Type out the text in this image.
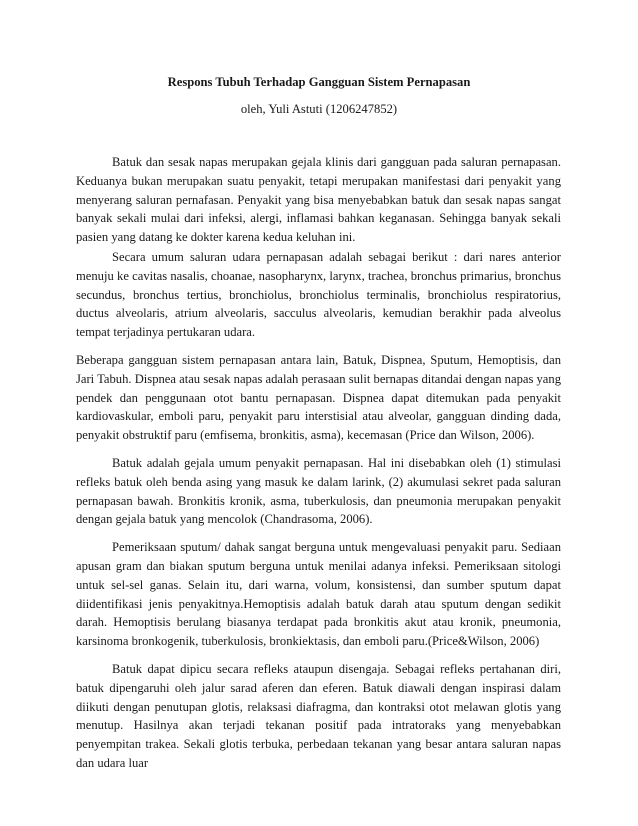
Respons Tubuh Terhadap Gangguan Sistem Pernapasan

oleh, Yuli Astuti (1206247852)

Batuk dan sesak napas merupakan gejala klinis dari gangguan pada saluran pernapasan. Keduanya bukan merupakan suatu penyakit, tetapi merupakan manifestasi dari penyakit yang menyerang saluran pernafasan. Penyakit yang bisa menyebabkan batuk dan sesak napas sangat banyak sekali mulai dari infeksi, alergi, inflamasi bahkan keganasan. Sehingga banyak sekali pasien yang datang ke dokter karena kedua keluhan ini.

Secara umum saluran udara pernapasan adalah sebagai berikut : dari nares anterior menuju ke cavitas nasalis, choanae, nasopharynx, larynx, trachea, bronchus primarius, bronchus secundus, bronchus tertius, bronchiolus, bronchiolus terminalis, bronchiolus respiratorius, ductus alveolaris, atrium alveolaris, sacculus alveolaris, kemudian berakhir pada alveolus tempat terjadinya pertukaran udara.

Beberapa gangguan sistem pernapasan antara lain, Batuk, Dispnea, Sputum, Hemoptisis, dan Jari Tabuh. Dispnea atau sesak napas adalah perasaan sulit bernapas ditandai dengan napas yang pendek dan penggunaan otot bantu pernapasan. Dispnea dapat ditemukan pada penyakit kardiovaskular, emboli paru, penyakit paru interstisial atau alveolar, gangguan dinding dada, penyakit obstruktif paru (emfisema, bronkitis, asma), kecemasan (Price dan Wilson, 2006).

Batuk adalah gejala umum penyakit pernapasan. Hal ini disebabkan oleh (1) stimulasi refleks batuk oleh benda asing yang masuk ke dalam larink, (2) akumulasi sekret pada saluran pernapasan bawah. Bronkitis kronik, asma, tuberkulosis, dan pneumonia merupakan penyakit dengan gejala batuk yang mencolok (Chandrasoma, 2006).

Pemeriksaan sputum/ dahak sangat berguna untuk mengevaluasi penyakit paru. Sediaan apusan gram dan biakan sputum berguna untuk menilai adanya infeksi. Pemeriksaan sitologi untuk sel-sel ganas. Selain itu, dari warna, volum, konsistensi, dan sumber sputum dapat diidentifikasi jenis penyakitnya.Hemoptisis adalah batuk darah atau sputum dengan sedikit darah. Hemoptisis berulang biasanya terdapat pada bronkitis akut atau kronik, pneumonia, karsinoma bronkogenik, tuberkulosis, bronkiektasis, dan emboli paru.(Price&Wilson, 2006)

Batuk dapat dipicu secara refleks ataupun disengaja. Sebagai refleks pertahanan diri, batuk dipengaruhi oleh jalur sarad aferen dan eferen. Batuk diawali dengan inspirasi dalam diikuti dengan penutupan glotis, relaksasi diafragma, dan kontraksi otot melawan glotis yang menutup. Hasilnya akan terjadi tekanan positif pada intratoraks yang menyebabkan penyempitan trakea. Sekali glotis terbuka, perbedaan tekanan yang besar antara saluran napas dan udara luar
